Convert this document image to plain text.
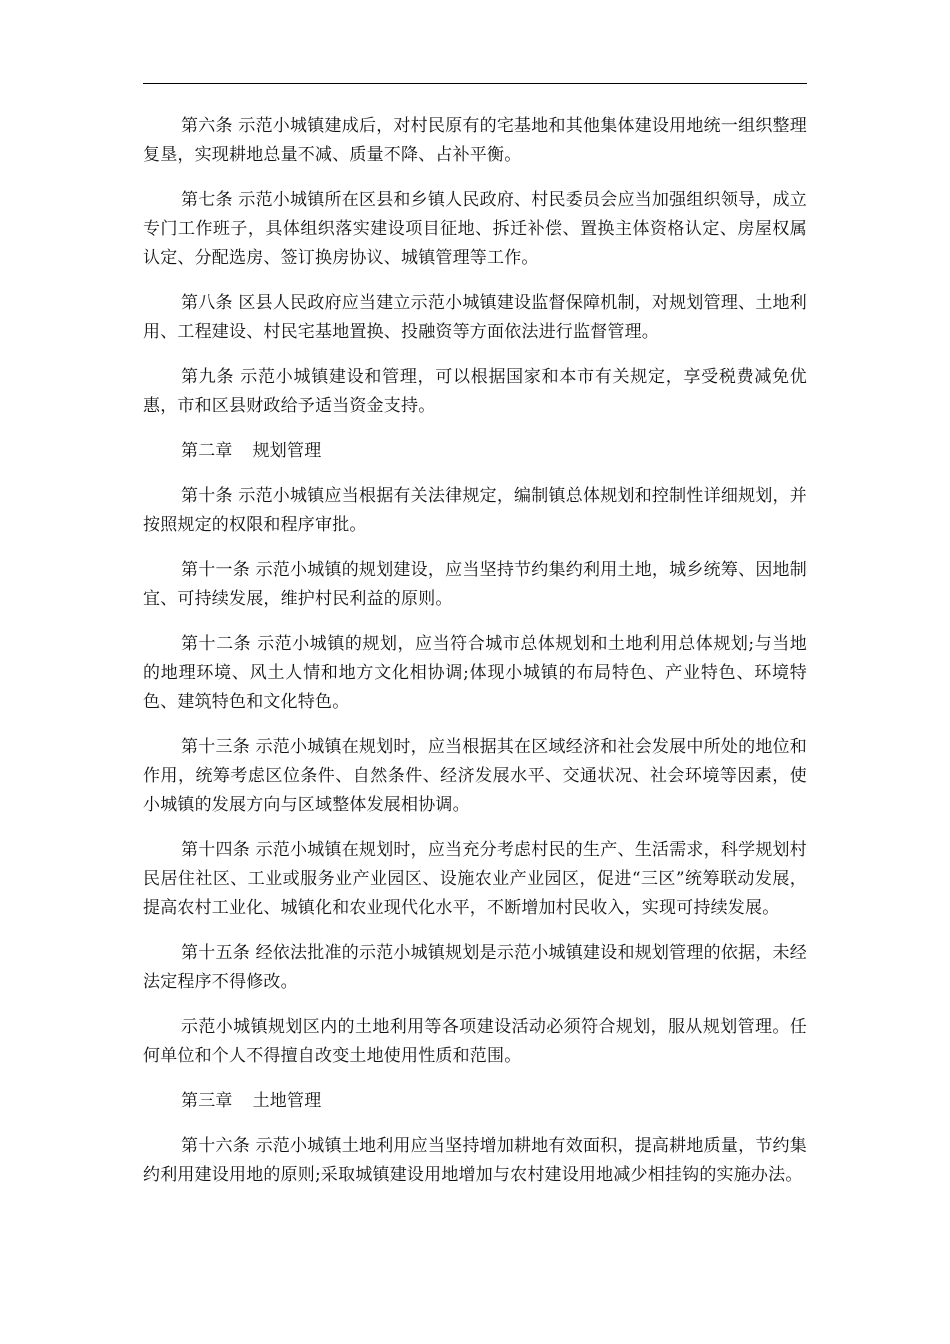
第六条 示范小城镇建成后，对村民原有的宅基地和其他集体建设用地统一组织整理复垦，实现耕地总量不减、质量不降、占补平衡。

第七条 示范小城镇所在区县和乡镇人民政府、村民委员会应当加强组织领导，成立专门工作班子，具体组织落实建设项目征地、拆迁补偿、置换主体资格认定、房屋权属认定、分配选房、签订换房协议、城镇管理等工作。

第八条 区县人民政府应当建立示范小城镇建设监督保障机制，对规划管理、土地利用、工程建设、村民宅基地置换、投融资等方面依法进行监督管理。

第九条 示范小城镇建设和管理，可以根据国家和本市有关规定，享受税费减免优惠，市和区县财政给予适当资金支持。

第二章 规划管理

第十条 示范小城镇应当根据有关法律规定，编制镇总体规划和控制性详细规划，并按照规定的权限和程序审批。

第十一条 示范小城镇的规划建设，应当坚持节约集约利用土地，城乡统筹、因地制宜、可持续发展，维护村民利益的原则。

第十二条 示范小城镇的规划，应当符合城市总体规划和土地利用总体规划;与当地的地理环境、风土人情和地方文化相协调;体现小城镇的布局特色、产业特色、环境特色、建筑特色和文化特色。

第十三条 示范小城镇在规划时，应当根据其在区域经济和社会发展中所处的地位和作用，统筹考虑区位条件、自然条件、经济发展水平、交通状况、社会环境等因素，使小城镇的发展方向与区域整体发展相协调。

第十四条 示范小城镇在规划时，应当充分考虑村民的生产、生活需求，科学规划村民居住社区、工业或服务业产业园区、设施农业产业园区，促进“三区”统筹联动发展，提高农村工业化、城镇化和农业现代化水平，不断增加村民收入，实现可持续发展。

第十五条 经依法批准的示范小城镇规划是示范小城镇建设和规划管理的依据，未经法定程序不得修改。

示范小城镇规划区内的土地利用等各项建设活动必须符合规划，服从规划管理。任何单位和个人不得擅自改变土地使用性质和范围。

第三章 土地管理

第十六条 示范小城镇土地利用应当坚持增加耕地有效面积，提高耕地质量，节约集约利用建设用地的原则;采取城镇建设用地增加与农村建设用地减少相挂钩的实施办法。
